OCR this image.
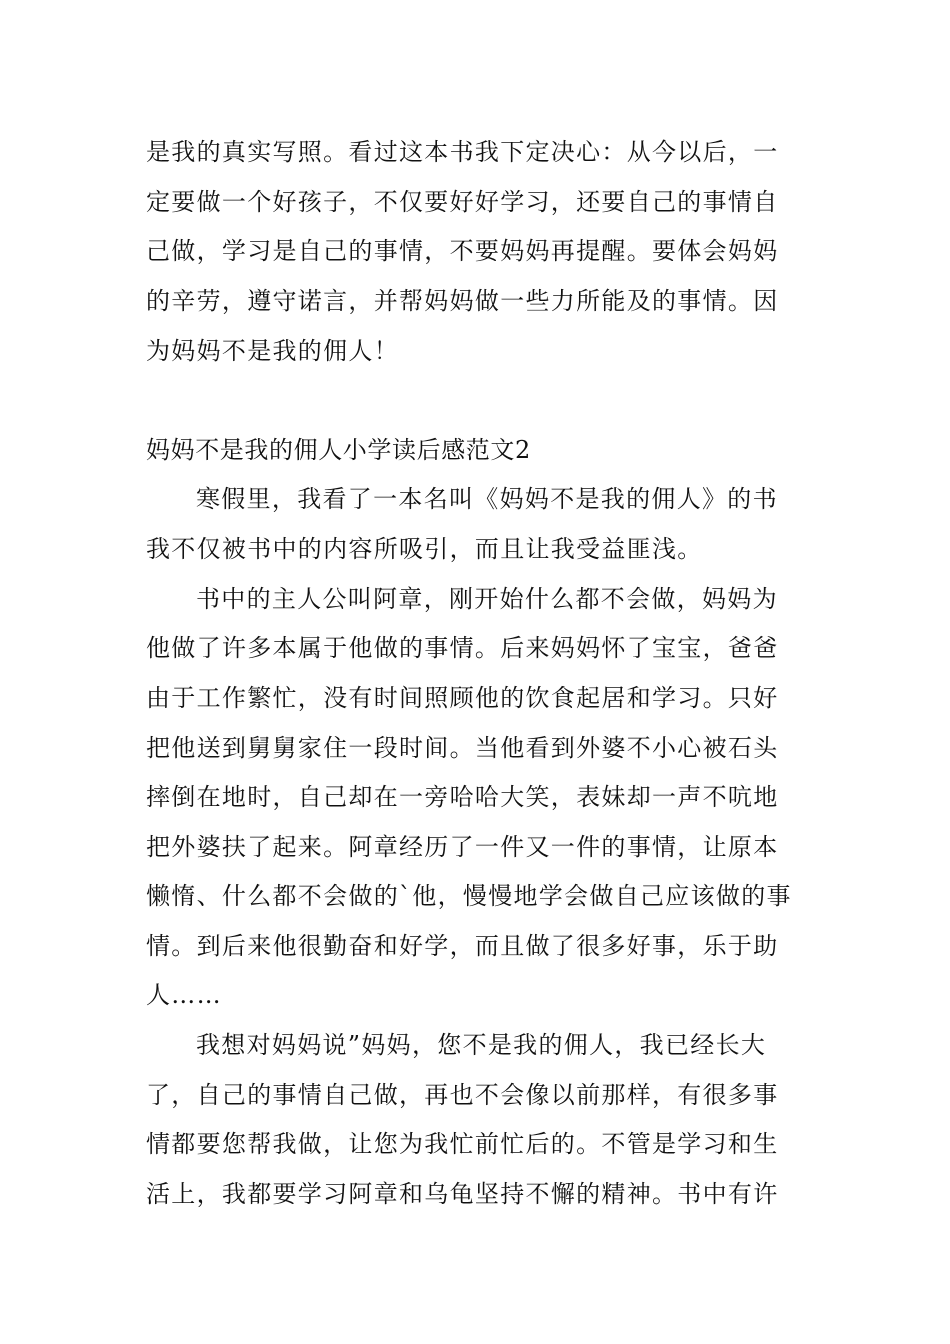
是我的真实写照。看过这本书我下定决心：从今以后，一
定要做一个好孩子，不仅要好好学习，还要自己的事情自
己做，学习是自己的事情，不要妈妈再提醒。要体会妈妈
的辛劳，遵守诺言，并帮妈妈做一些力所能及的事情。因
为妈妈不是我的佣人！
妈妈不是我的佣人小学读后感范文2
寒假里，我看了一本名叫《妈妈不是我的佣人》的书
我不仅被书中的内容所吸引，而且让我受益匪浅。
书中的主人公叫阿章，刚开始什么都不会做，妈妈为
他做了许多本属于他做的事情。后来妈妈怀了宝宝，爸爸
由于工作繁忙，没有时间照顾他的饮食起居和学习。只好
把他送到舅舅家住一段时间。当他看到外婆不小心被石头
摔倒在地时，自己却在一旁哈哈大笑，表妹却一声不吭地
把外婆扶了起来。阿章经历了一件又一件的事情，让原本
懒惰、什么都不会做的`他，慢慢地学会做自己应该做的事
情。到后来他很勤奋和好学，而且做了很多好事，乐于助
人……
我想对妈妈说”妈妈，您不是我的佣人，我已经长大
了，自己的事情自己做，再也不会像以前那样，有很多事
情都要您帮我做，让您为我忙前忙后的。不管是学习和生
活上，我都要学习阿章和乌龟坚持不懈的精神。书中有许
